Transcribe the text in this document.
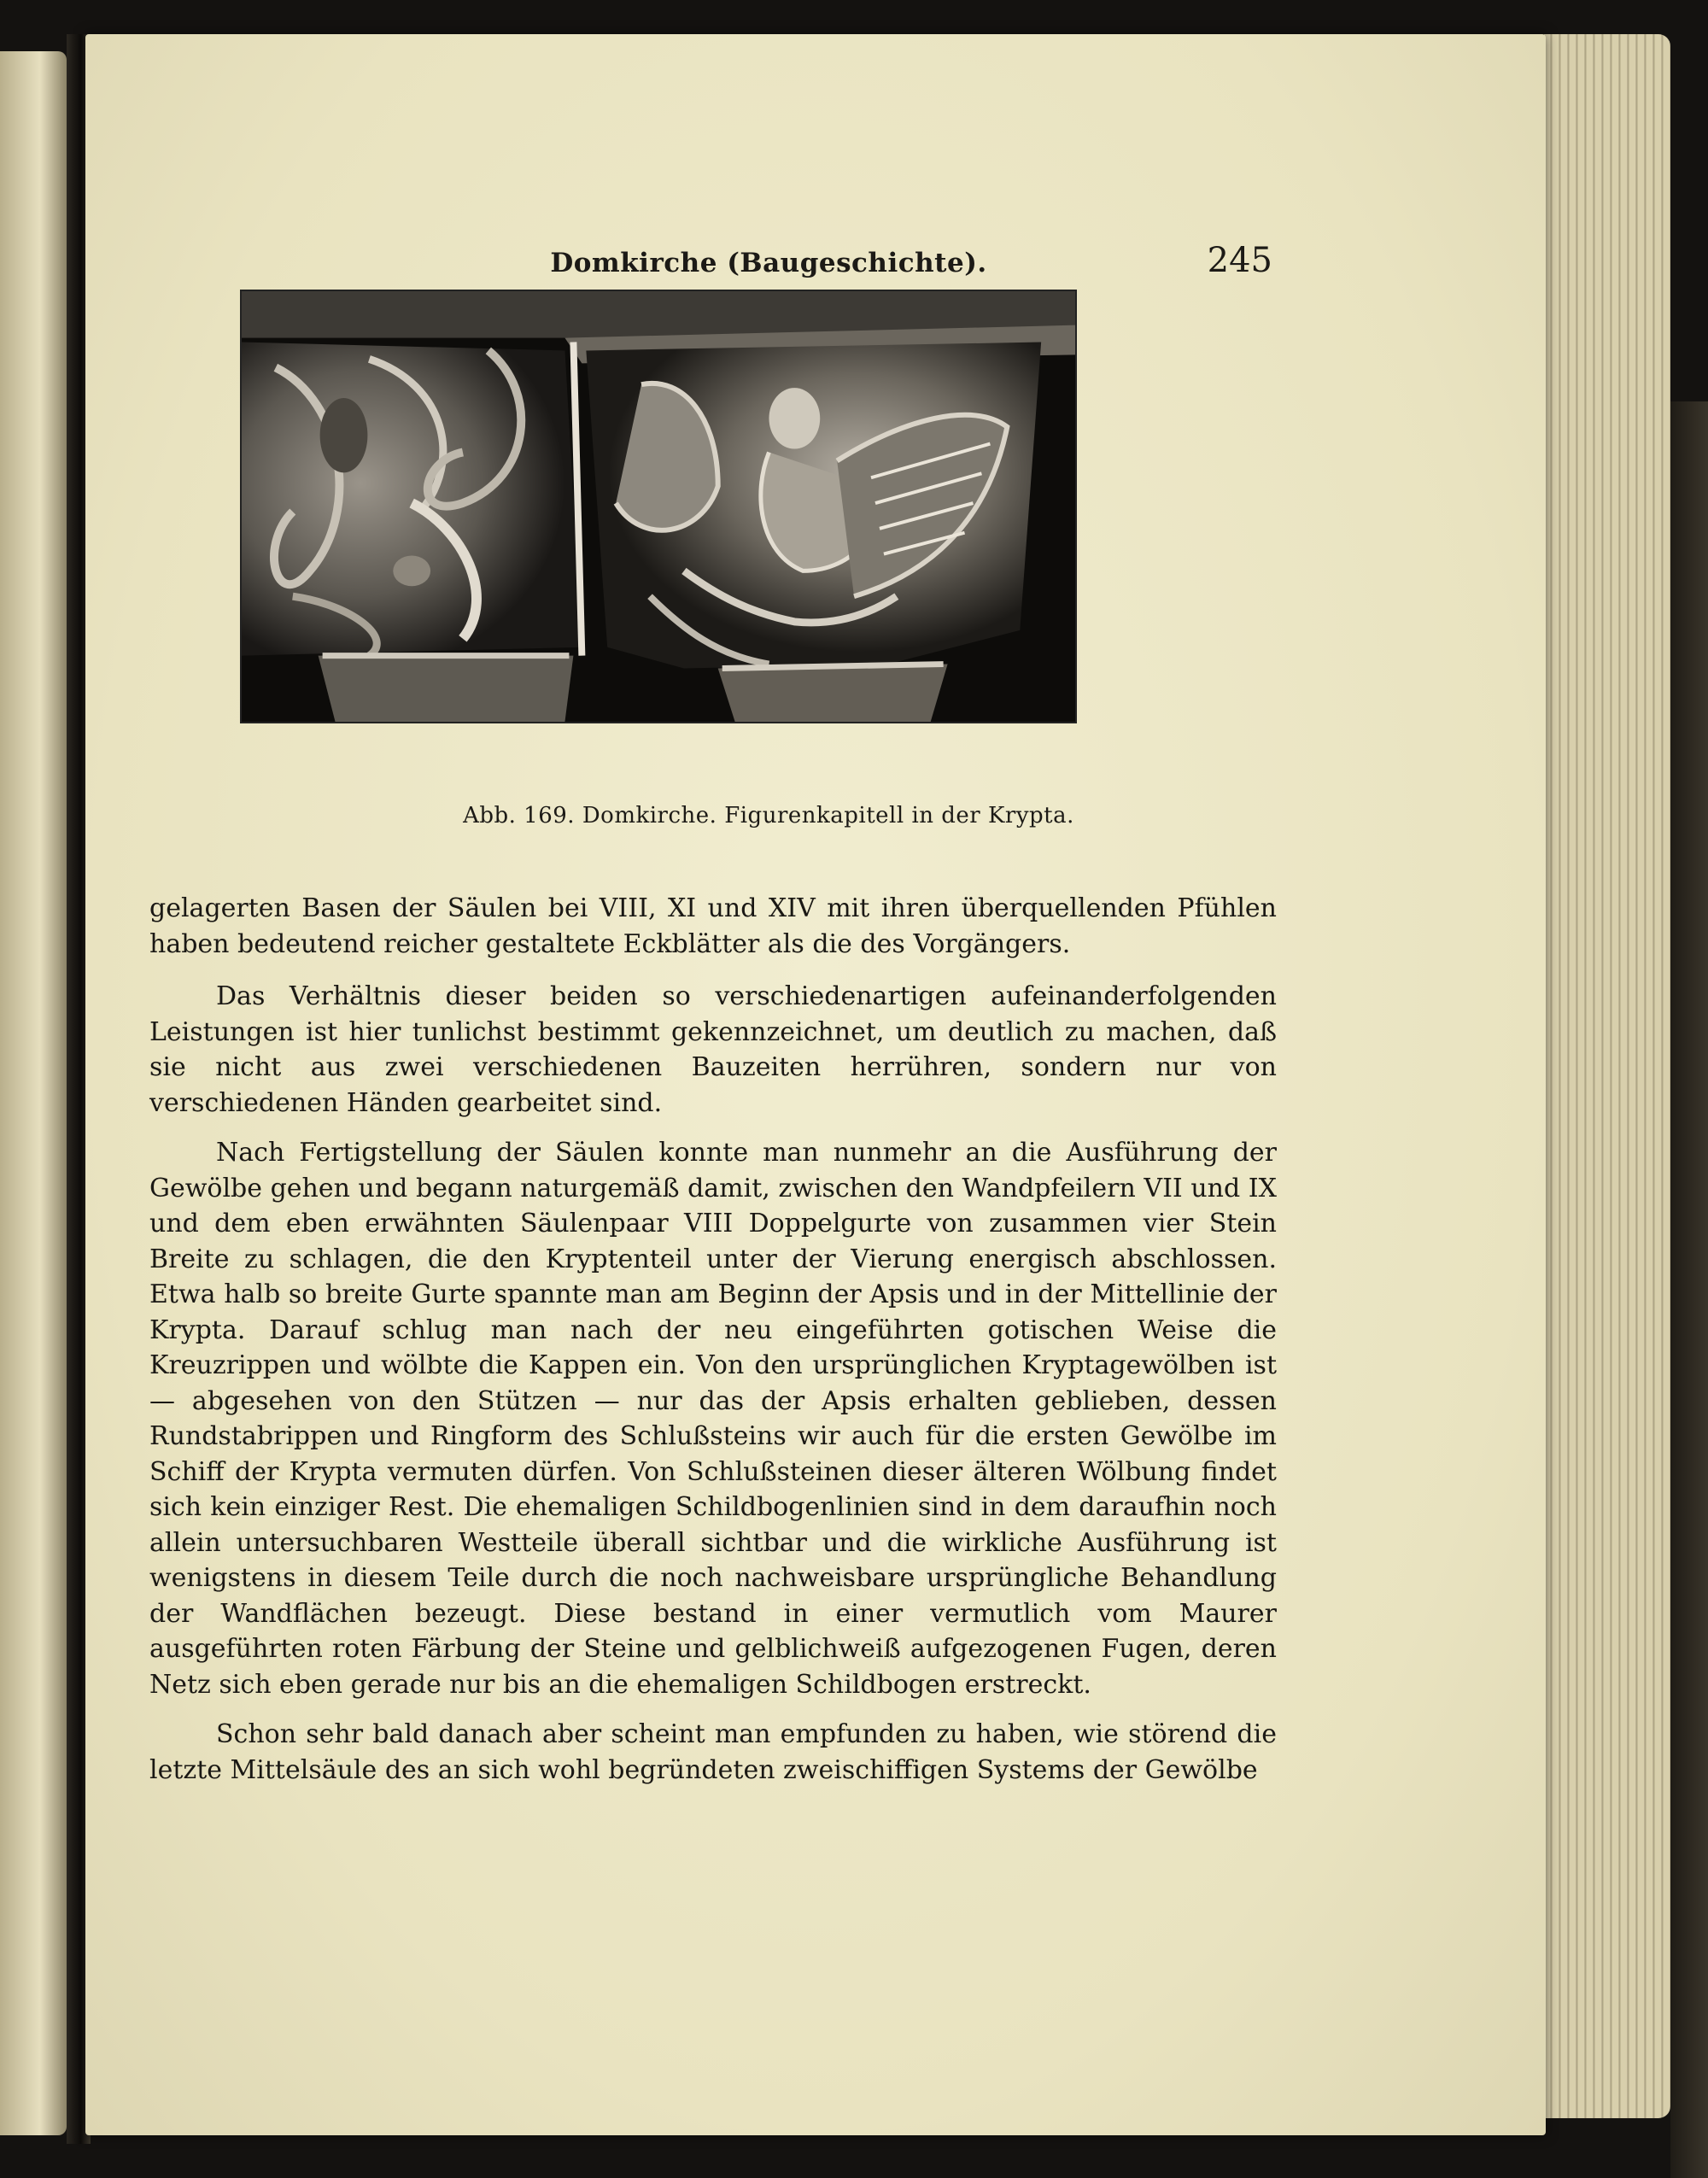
Domkirche (Baugeschichte).	245
Abb. 169. Domkirche. Figurenkapitell in der Krypta.

gelagerten Basen der Säulen bei VIII, XI und XIV mit ihren überquellenden Pfühlen haben bedeutend reicher gestaltete Eckblätter als die des Vorgängers.

Das Verhältnis dieser beiden so verschiedenartigen aufeinanderfolgenden Leistungen ist hier tunlichst bestimmt gekennzeichnet, um deutlich zu machen, daß sie nicht aus zwei verschiedenen Bauzeiten herrühren, sondern nur von verschiedenen Händen gearbeitet sind.

Nach Fertigstellung der Säulen konnte man nunmehr an die Ausführung der Gewölbe gehen und begann naturgemäß damit, zwischen den Wandpfeilern VII und IX und dem eben erwähnten Säulenpaar VIII Doppelgurte von zusammen vier Stein Breite zu schlagen, die den Kryptenteil unter der Vierung energisch abschlossen. Etwa halb so breite Gurte spannte man am Beginn der Apsis und in der Mittellinie der Krypta. Darauf schlug man nach der neu eingeführten gotischen Weise die Kreuzrippen und wölbte die Kappen ein. Von den ursprünglichen Kryptagewölben ist — abgesehen von den Stützen — nur das der Apsis erhalten geblieben, dessen Rundstabrippen und Ringform des Schlußsteins wir auch für die ersten Gewölbe im Schiff der Krypta vermuten dürfen. Von Schlußsteinen dieser älteren Wölbung findet sich kein einziger Rest. Die ehemaligen Schildbogenlinien sind in dem daraufhin noch allein untersuchbaren Westteile überall sichtbar und die wirkliche Ausführung ist wenigstens in diesem Teile durch die noch nachweisbare ursprüngliche Behandlung der Wandflächen bezeugt. Diese bestand in einer vermutlich vom Maurer ausgeführten roten Färbung der Steine und gelblichweiß aufgezogenen Fugen, deren Netz sich eben gerade nur bis an die ehemaligen Schildbogen erstreckt.

Schon sehr bald danach aber scheint man empfunden zu haben, wie störend die letzte Mittelsäule des an sich wohl begründeten zweischiffigen Systems der Gewölbe
